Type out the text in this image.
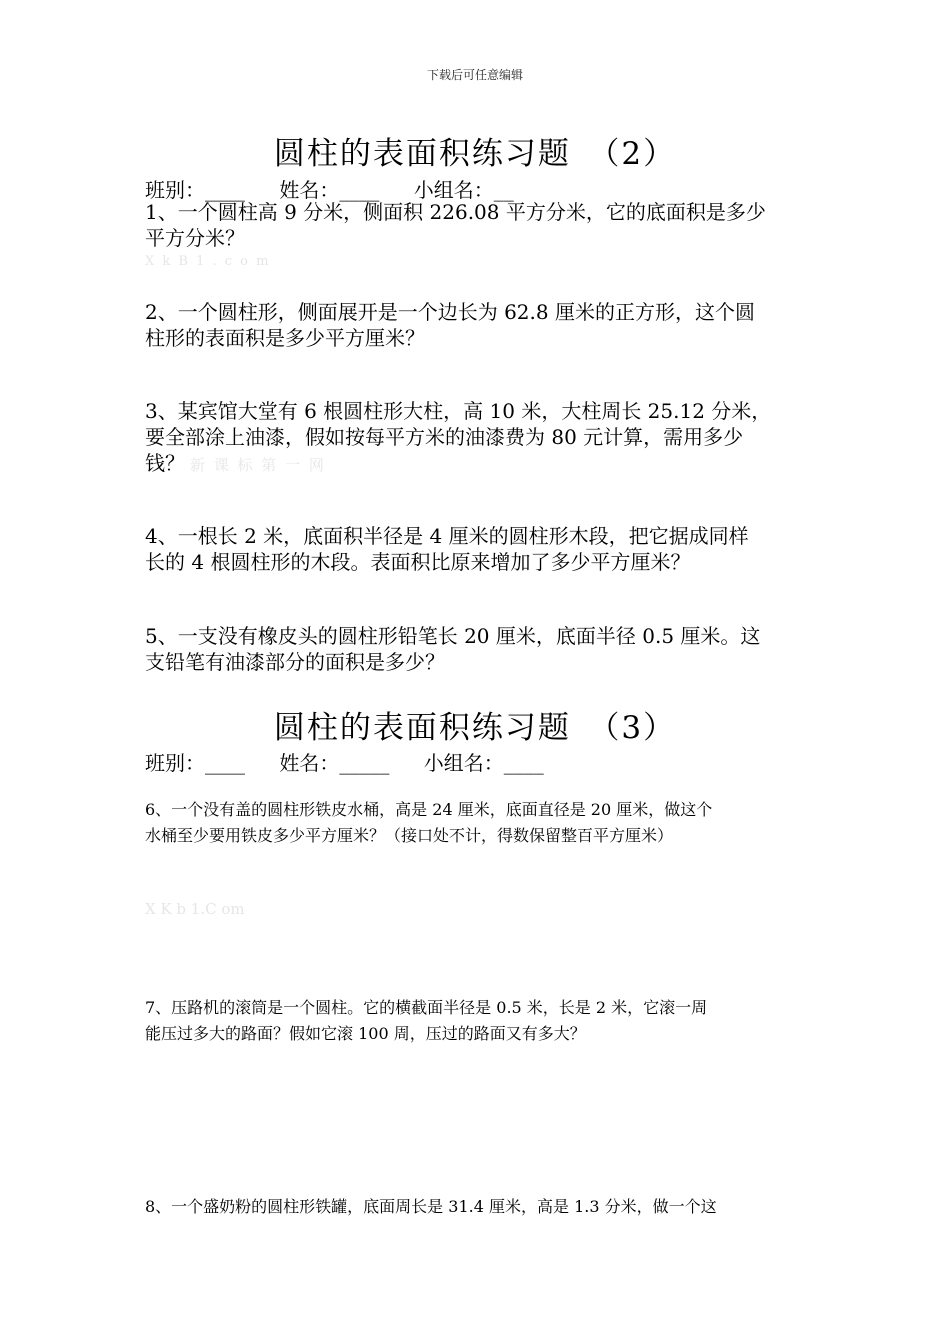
下载后可任意编辑
圆柱的表面积练习题　（2）
班别：____ 姓名：____ 小组名：__
1、一个圆柱高 9 分米，侧面积 226.08 平方分米，它的底面积是多少
平方分米？
X k B 1 . c o m
2、一个圆柱形，侧面展开是一个边长为 62.8 厘米的正方形，这个圆
柱形的表面积是多少平方厘米？
3、某宾馆大堂有 6 根圆柱形大柱，高 10 米，大柱周长 25.12 分米，
要全部涂上油漆，假如按每平方米的油漆费为 80 元计算，需用多少
钱？ 新 课 标 第 一 网
4、一根长 2 米，底面积半径是 4 厘米的圆柱形木段，把它据成同样
长的 4 根圆柱形的木段。表面积比原来增加了多少平方厘米？
5、一支没有橡皮头的圆柱形铅笔长 20 厘米，底面半径 0.5 厘米。这
支铅笔有油漆部分的面积是多少？
圆柱的表面积练习题　（3）
班别：____ 姓名：_____ 小组名：____
6、一个没有盖的圆柱形铁皮水桶，高是 24 厘米，底面直径是 20 厘米，做这个
水桶至少要用铁皮多少平方厘米？（接口处不计，得数保留整百平方厘米）
X K b 1.C om
7、压路机的滚筒是一个圆柱。它的横截面半径是 0.5 米，长是 2 米，它滚一周
能压过多大的路面？假如它滚 100 周，压过的路面又有多大？
8、一个盛奶粉的圆柱形铁罐，底面周长是 31.4 厘米，高是 1.3 分米，做一个这
